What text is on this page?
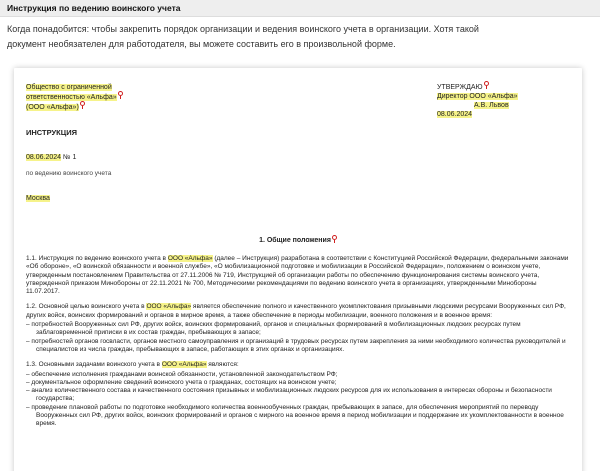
Инструкция по ведению воинского учета
Когда понадобится: чтобы закрепить порядок организации и ведения воинского учета в организации. Хотя такой документ необязателен для работодателя, вы можете составить его в произвольной форме.
Общество с ограниченной
ответственностью «Альфа»
(ООО «Альфа»)
УТВЕРЖДАЮ
Директор ООО «Альфа»
А.В. Львов
08.06.2024
ИНСТРУКЦИЯ
08.06.2024 № 1
по ведению воинского учета
Москва
1. Общие положения

1.1. Инструкция по ведению воинского учета в ООО «Альфа» (далее – Инструкция) разработана в соответствии с Конституцией Российской Федерации, федеральными законами «Об обороне», «О воинской обязанности и военной службе», «О мобилизационной подготовке и мобилизации в Российской Федерации», положением о воинском учете, утвержденным постановлением Правительства от 27.11.2006 № 719, Инструкцией об организации работы по обеспечению функционирования системы воинского учета, утвержденной приказом Минобороны от 22.11.2021 № 700, Методическими рекомендациями по ведению воинского учета в организациях, утвержденными Минобороны 11.07.2017.

1.2. Основной целью воинского учета в ООО «Альфа» является обеспечение полного и качественного укомплектования призывными людскими ресурсами Вооруженных сил РФ, других войск, воинских формирований и органов в мирное время, а также обеспечение в периоды мобилизации, военного положения и в военное время:

– потребностей Вооруженных сил РФ, других войск, воинских формирований, органов и специальных формирований в мобилизационных людских ресурсах путем заблаговременной приписки в их состав граждан, пребывающих в запасе;
– потребностей органов госвласти, органов местного самоуправления и организаций в трудовых ресурсах путем закрепления за ними необходимого количества руководителей и специалистов из числа граждан, пребывающих в запасе, работающих в этих органах и организациях.

1.3. Основными задачами воинского учета в ООО «Альфа» являются:

– обеспечение исполнения гражданами воинской обязанности, установленной законодательством РФ;
– документальное оформление сведений воинского учета о гражданах, состоящих на воинском учете;
– анализ количественного состава и качественного состояния призывных и мобилизационных людских ресурсов для их использования в интересах обороны и безопасности государства;
– проведение плановой работы по подготовке необходимого количества военнообученных граждан, пребывающих в запасе, для обеспечения мероприятий по переводу Вооруженных сил РФ, других войск, воинских формирований и органов с мирного на военное время в период мобилизации и поддержание их укомплектованности в военное время.
